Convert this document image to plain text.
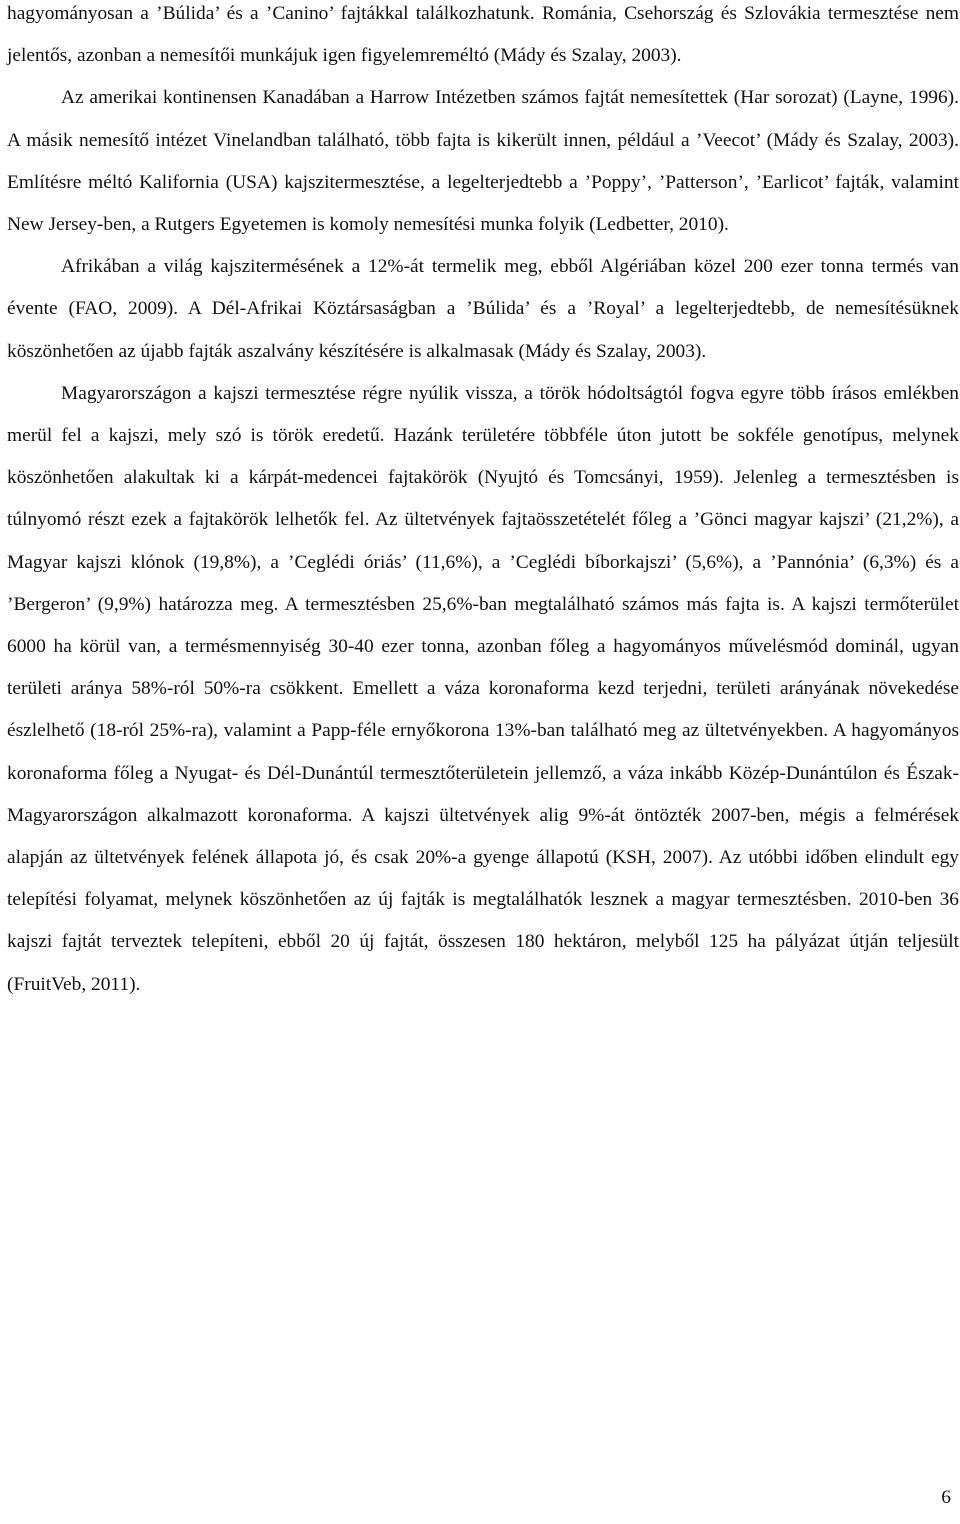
hagyományosan a ’Búlida’ és a ’Canino’ fajtákkal találkozhatunk. Románia, Csehország és Szlovákia termesztése nem jelentős, azonban a nemesítői munkájuk igen figyelemreméltó (Mády és Szalay, 2003).

Az amerikai kontinensen Kanadában a Harrow Intézetben számos fajtát nemesítettek (Har sorozat) (Layne, 1996). A másik nemesítő intézet Vinelandban található, több fajta is kikerült innen, például a ’Veecot’ (Mády és Szalay, 2003). Említésre méltó Kalifornia (USA) kajszitermesztése, a legelterjedtebb a ’Poppy’, ’Patterson’, ’Earlicot’ fajták, valamint New Jersey-ben, a Rutgers Egyetemen is komoly nemesítési munka folyik (Ledbetter, 2010).

Afrikában a világ kajszitermésének a 12%-át termelik meg, ebből Algériában közel 200 ezer tonna termés van évente (FAO, 2009). A Dél-Afrikai Köztársaságban a ’Búlida’ és a ’Royal’ a legelterjedtebb, de nemesítésüknek köszönhetően az újabb fajták aszalvány készítésére is alkalmasak (Mády és Szalay, 2003).

Magyarországon a kajszi termesztése régre nyúlik vissza, a török hódoltságtól fogva egyre több írásos emlékben merül fel a kajszi, mely szó is török eredetű. Hazánk területére többféle úton jutott be sokféle genotípus, melynek köszönhetően alakultak ki a kárpát-medencei fajtakörök (Nyujtó és Tomcsányi, 1959). Jelenleg a termesztésben is túlnyomó részt ezek a fajtakörök lelhetők fel. Az ültetvények fajtaösszetételét főleg a ’Gönci magyar kajszi’ (21,2%), a Magyar kajszi klónok (19,8%), a ’Ceglédi óriás’ (11,6%), a ’Ceglédi bíborkajszi’ (5,6%), a ’Pannónia’ (6,3%) és a ’Bergeron’ (9,9%) határozza meg. A termesztésben 25,6%-ban megtalálható számos más fajta is. A kajszi termőterület 6000 ha körül van, a termésmennyiség 30-40 ezer tonna, azonban főleg a hagyományos művelésmód dominál, ugyan területi aránya 58%-ról 50%-ra csökkent. Emellett a váza koronaforma kezd terjedni, területi arányának növekedése észlelhető (18-ról 25%-ra), valamint a Papp-féle ernyőkorona 13%-ban található meg az ültetvényekben. A hagyományos koronaforma főleg a Nyugat- és Dél-Dunántúl termesztőterületein jellemző, a váza inkább Közép-Dunántúlon és Észak-Magyarországon alkalmazott koronaforma. A kajszi ültetvények alig 9%-át öntözték 2007-ben, mégis a felmérések alapján az ültetvények felének állapota jó, és csak 20%-a gyenge állapotú (KSH, 2007). Az utóbbi időben elindult egy telepítési folyamat, melynek köszönhetően az új fajták is megtalálhatók lesznek a magyar termesztésben. 2010-ben 36 kajszi fajtát terveztek telepíteni, ebből 20 új fajtát, összesen 180 hektáron, melyből 125 ha pályázat útján teljesült (FruitVeb, 2011).

6
